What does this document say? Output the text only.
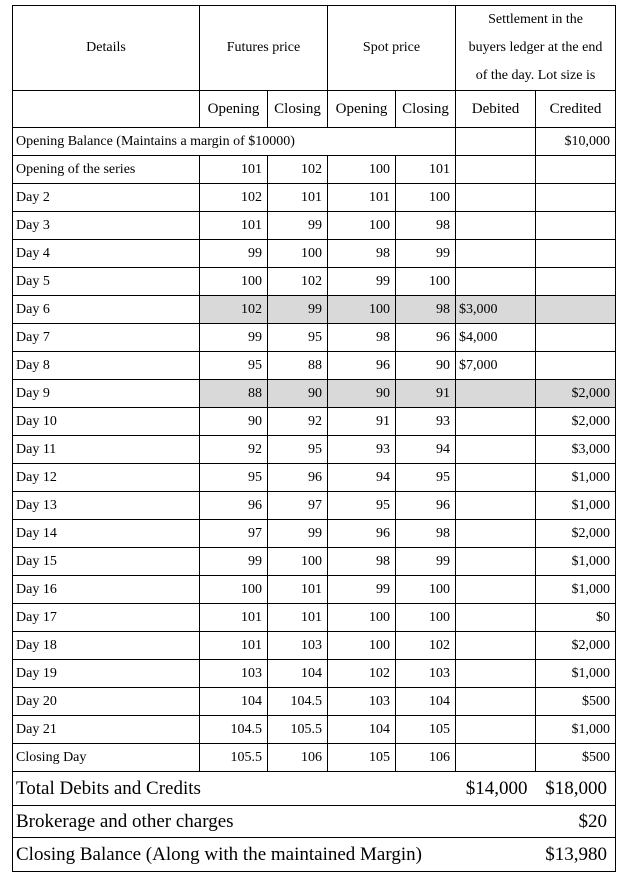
Details	Futures price		Spot price		Settlement in the
buyers ledger at the end
of the day. Lot size is	

	Opening	Closing	Opening	Closing	Debited	Credited
Opening Balance (Maintains a margin of $10000)						$10,000
Opening of the series	101	102	100	101		
Day 2	102	101	101	100		
Day 3	101	99	100	98		
Day 4	99	100	98	99		
Day 5	100	102	99	100		
Day 6	102	99	100	98	$3,000	
Day 7	99	95	98	96	$4,000	
Day 8	95	88	96	90	$7,000	
Day 9	88	90	90	91		$2,000
Day 10	90	92	91	93		$2,000
Day 11	92	95	93	94		$3,000
Day 12	95	96	94	95		$1,000
Day 13	96	97	95	96		$1,000
Day 14	97	99	96	98		$2,000
Day 15	99	100	98	99		$1,000
Day 16	100	101	99	100		$1,000
Day 17	101	101	100	100		$0
Day 18	101	103	100	102		$2,000
Day 19	103	104	102	103		$1,000
Day 20	104	104.5	103	104		$500
Day 21	104.5	105.5	104	105		$1,000
Closing Day	105.5	106	105	106		$500
Total Debits and Credits					$14,000	$18,000
Brokerage and other charges						$20
Closing Balance (Along with the maintained Margin)						$13,980
